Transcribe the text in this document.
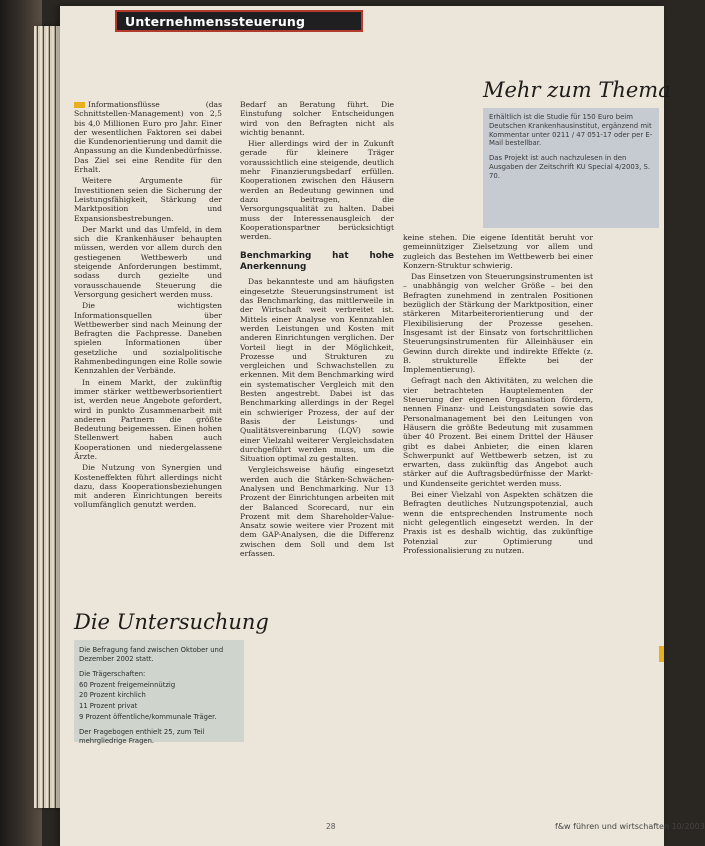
Unternehmenssteuerung
Mehr zum Thema

Erhältlich ist die Studie für 150 Euro beim Deutschen Krankenhausinstitut, ergänzend mit Kommentar unter 0211 / 47 051-17 oder per E-Mail bestellbar.

Das Projekt ist auch nachzulesen in den Ausgaben der Zeitschrift KU Special 4/2003, S. 70.

Informationsflüsse (das Schnittstellen-Management) von 2,5 bis 4,0 Millionen Euro pro Jahr. Einer der wesentlichen Faktoren sei dabei die Kundenorientierung und damit die Anpassung an die Kundenbedürfnisse. Das Ziel sei eine Rendite für den Erhalt.

Weitere Argumente für Investitionen seien die Sicherung der Leistungsfähigkeit, Stärkung der Marktposition und Expansionsbestrebungen.

Der Markt und das Umfeld, in dem sich die Krankenhäuser behaupten müssen, werden vor allem durch den gestiegenen Wettbewerb und steigende Anforderungen bestimmt, sodass durch gezielte und vorausschauende Steuerung die Versorgung gesichert werden muss.

Die wichtigsten Informationsquellen über Wettbewerber sind nach Meinung der Befragten die Fachpresse. Daneben spielen Informationen über gesetzliche und sozialpolitische Rahmenbedingungen eine Rolle sowie Kennzahlen der Verbände.

In einem Markt, der zukünftig immer stärker wettbewerbsorientiert ist, werden neue Angebote gefordert, wird in punkto Zusammenarbeit mit anderen Partnern die größte Bedeutung beigemessen. Einen hohen Stellenwert haben auch Kooperationen und niedergelassene Ärzte.

Die Nutzung von Synergien und Kosteneffekten führt allerdings nicht dazu, dass Kooperationsbeziehungen mit anderen Einrichtungen bereits vollumfänglich genutzt werden.

Die Untersuchung
Die Befragung fand zwischen Oktober und Dezember 2002 statt.
Die Trägerschaften:
60 Prozent freigemeinnützig
20 Prozent kirchlich
11 Prozent privat
9 Prozent öffentliche/kommunale Träger.
Der Fragebogen enthielt 25, zum Teil mehrgliedrige Fragen.

Bedarf an Beratung führt. Die Einstufung solcher Entscheidungen wird von den Befragten nicht als wichtig benannt.

Hier allerdings wird der in Zukunft gerade für kleinere Träger voraussichtlich eine steigende, deutlich mehr Finanzierungsbedarf erfüllen. Kooperationen zwischen den Häusern werden an Bedeutung gewinnen und dazu beitragen, die Versorgungsqualität zu halten. Dabei muss der Interessenausgleich der Kooperationspartner berücksichtigt werden.

Benchmarking hat hohe Anerkennung

Das bekannteste und am häufigsten eingesetzte Steuerungsinstrument ist das Benchmarking, das mittlerweile in der Wirtschaft weit verbreitet ist. Mittels einer Analyse von Kennzahlen werden Leistungen und Kosten mit anderen Einrichtungen verglichen. Der Vorteil liegt in der Möglichkeit, Prozesse und Strukturen zu vergleichen und Schwachstellen zu erkennen. Mit dem Benchmarking wird ein systematischer Vergleich mit den Besten angestrebt. Dabei ist das Benchmarking allerdings in der Regel ein schwieriger Prozess, der auf der Basis der Leistungs- und Qualitätsvereinbarung (LQV) sowie einer Vielzahl weiterer Vergleichsdaten durchgeführt werden muss, um die Situation optimal zu gestalten.

Vergleichsweise häufig eingesetzt werden auch die Stärken-Schwächen-Analysen und Benchmarking. Nur 13 Prozent der Einrichtungen arbeiten mit der Balanced Scorecard, nur ein Prozent mit dem Shareholder-Value-Ansatz sowie weitere vier Prozent mit dem GAP-Analysen, die die Differenz zwischen dem Soll und dem Ist erfassen.

keine stehen. Die eigene Identität beruht vor gemeinnütziger Zielsetzung vor allem und zugleich das Bestehen im Wettbewerb bei einer Konzern-Struktur schwierig.

Das Einsetzen von Steuerungsinstrumenten ist – unabhängig von welcher Größe – bei den Befragten zunehmend in zentralen Positionen bezüglich der Stärkung der Marktposition, einer stärkeren Mitarbeiterorientierung und der Flexibilisierung der Prozesse gesehen. Insgesamt ist der Einsatz von fortschrittlichen Steuerungsinstrumenten für Alleinhäuser ein Gewinn durch direkte und indirekte Effekte (z. B. strukturelle Effekte bei der Implementierung).

Gefragt nach den Aktivitäten, zu welchen die vier betrachteten Hauptelementen der Steuerung der eigenen Organisation fördern, nennen Finanz- und Leistungsdaten sowie das Personalmanagement bei den Leitungen von Häusern die größte Bedeutung mit zusammen über 40 Prozent. Bei einem Drittel der Häuser gibt es dabei Anbieter, die einen klaren Schwerpunkt auf Wettbewerb setzen, ist zu erwarten, dass zukünftig das Angebot auch stärker auf die Auftragsbedürfnisse der Markt- und Kundenseite gerichtet werden muss.

Bei einer Vielzahl von Aspekten schätzen die Befragten deutliches Nutzungspotenzial, auch wenn die entsprechenden Instrumente noch nicht gelegentlich eingesetzt werden. In der Praxis ist es deshalb wichtig, das zukünftige Potenzial zur Optimierung und Professionalisierung zu nutzen.

28	f&w führen und wirtschaften 10/2003
